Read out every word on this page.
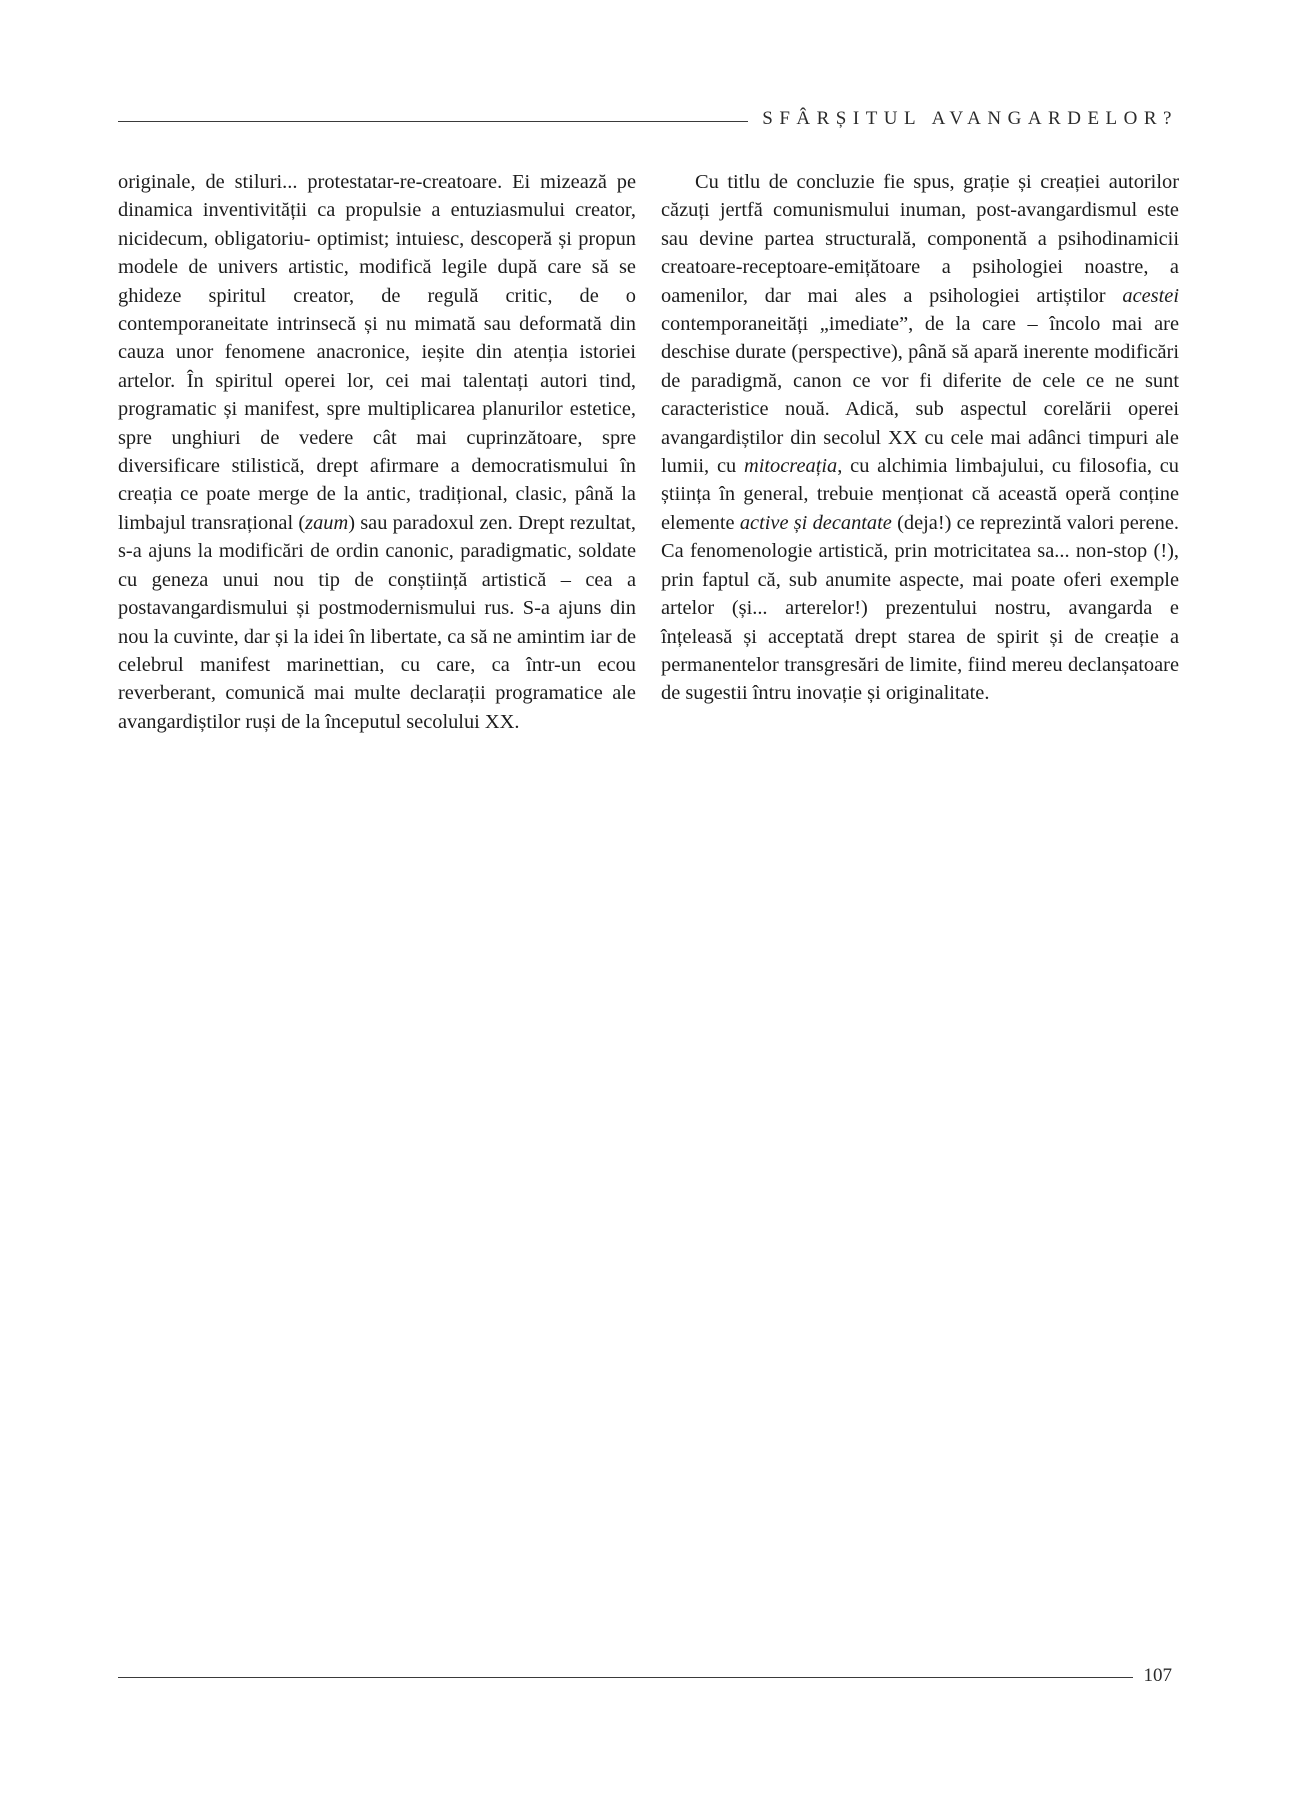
SFÂRȘITUL AVANGARDELOR?

originale, de stiluri... protestatar-re-creatoare. Ei mizează pe dinamica inventivității ca propulsie a entuziasmului creator, nicidecum, obligatoriu- optimist; intuiesc, descoperă și propun modele de univers artistic, modifică legile după care să se ghideze spiritul creator, de regulă critic, de o contemporaneitate intrinsecă și nu mimată sau deformată din cauza unor fenomene anacronice, ieșite din atenția istoriei artelor. În spiritul operei lor, cei mai talentați autori tind, programatic și manifest, spre multiplicarea planurilor estetice, spre unghiuri de vedere cât mai cuprinzătoare, spre diversificare stilistică, drept afirmare a democratismului în creația ce poate merge de la antic, tradițional, clasic, până la limbajul transrațional (zaum) sau paradoxul zen. Drept rezultat, s-a ajuns la modificări de ordin canonic, paradigmatic, soldate cu geneza unui nou tip de conștiință artistică – cea a postavangardismului și postmodernismului rus. S-a ajuns din nou la cuvinte, dar și la idei în libertate, ca să ne amintim iar de celebrul manifest marinettian, cu care, ca într-un ecou reverberant, comunică mai multe declarații programatice ale avangardiștilor ruși de la începutul secolului XX.

Cu titlu de concluzie fie spus, grație și creației autorilor căzuți jertfă comunismului inuman, post-avangardismul este sau devine partea structurală, componentă a psihodinamicii creatoare-receptoare-emițătoare a psihologiei noastre, a oamenilor, dar mai ales a psihologiei artiștilor acestei contemporaneități „imediate”, de la care – încolo mai are deschise durate (perspective), până să apară inerente modificări de paradigmă, canon ce vor fi diferite de cele ce ne sunt caracteristice nouă. Adică, sub aspectul corelării operei avangardiștilor din secolul XX cu cele mai adânci timpuri ale lumii, cu mitocreația, cu alchimia limbajului, cu filosofia, cu știința în general, trebuie menționat că această operă conține elemente active și decantate (deja!) ce reprezintă valori perene. Ca fenomenologie artistică, prin motricitatea sa... non-stop (!), prin faptul că, sub anumite aspecte, mai poate oferi exemple artelor (și... arterelor!) prezentului nostru, avangarda e înțeleasă și acceptată drept starea de spirit și de creație a permanentelor transgresări de limite, fiind mereu declanșatoare de sugestii întru inovație și originalitate.

107
